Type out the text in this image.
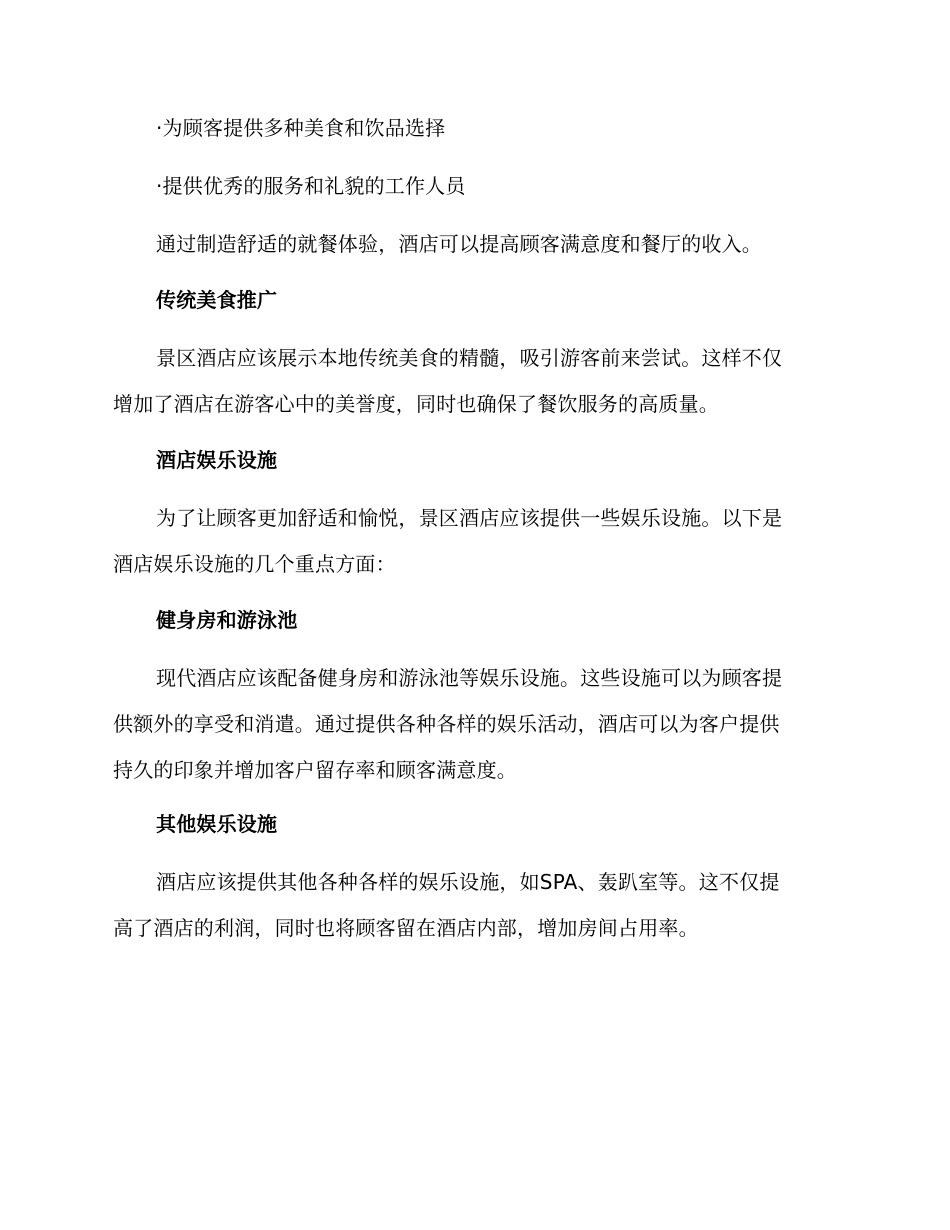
·为顾客提供多种美食和饮品选择
·提供优秀的服务和礼貌的工作人员
通过制造舒适的就餐体验，酒店可以提高顾客满意度和餐厅的收入。
传统美食推广
景区酒店应该展示本地传统美食的精髓，吸引游客前来尝试。这样不仅
增加了酒店在游客心中的美誉度，同时也确保了餐饮服务的高质量。
酒店娱乐设施
为了让顾客更加舒适和愉悦，景区酒店应该提供一些娱乐设施。以下是
酒店娱乐设施的几个重点方面：
健身房和游泳池
现代酒店应该配备健身房和游泳池等娱乐设施。这些设施可以为顾客提
供额外的享受和消遣。通过提供各种各样的娱乐活动，酒店可以为客户提供
持久的印象并增加客户留存率和顾客满意度。
其他娱乐设施
酒店应该提供其他各种各样的娱乐设施，如SPA、轰趴室等。这不仅提
高了酒店的利润，同时也将顾客留在酒店内部，增加房间占用率。
